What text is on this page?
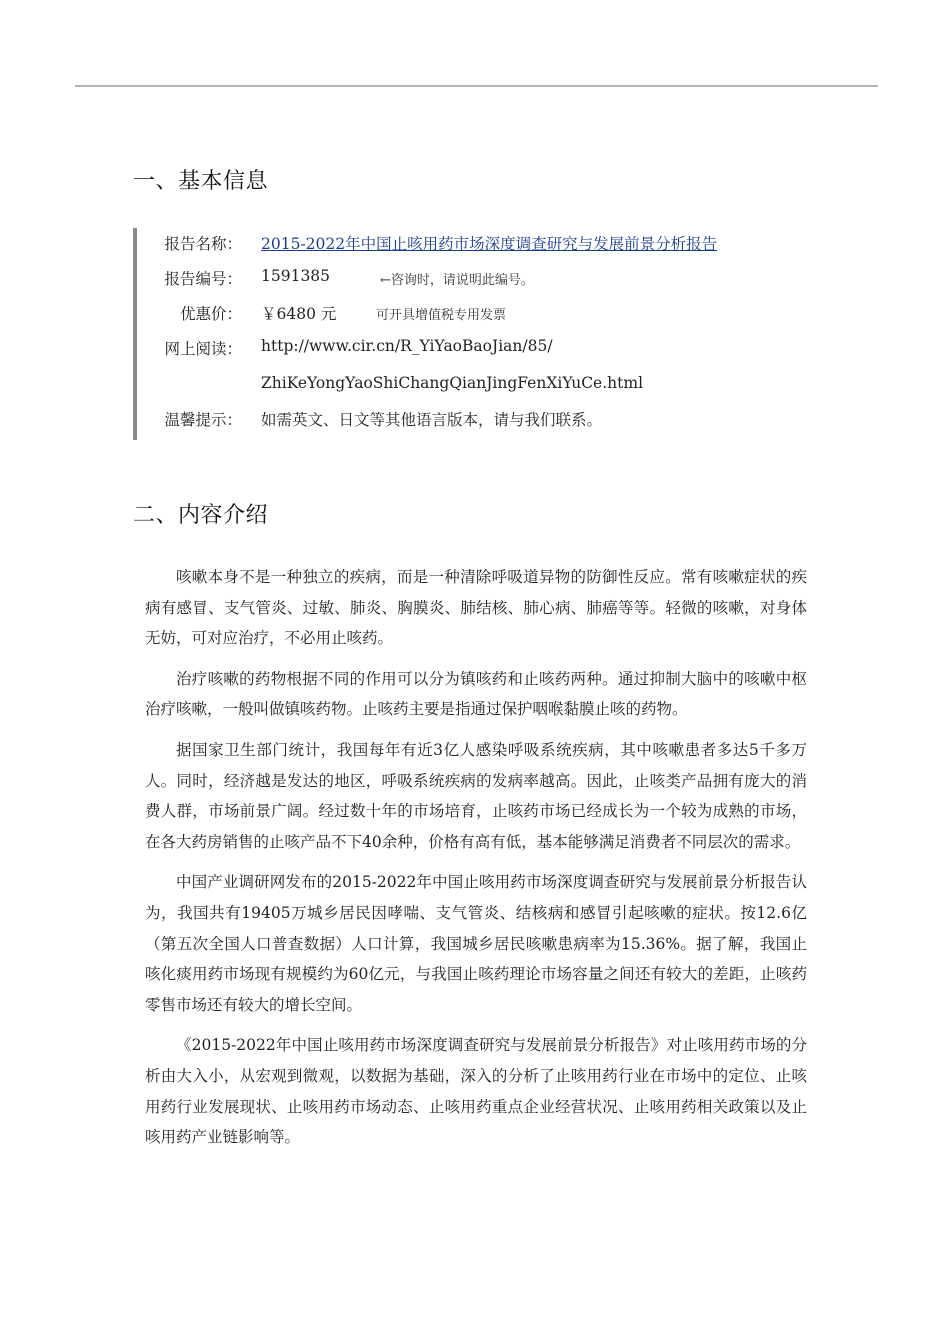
一、基本信息
报告名称： 2015-2022年中国止咳用药市场深度调查研究与发展前景分析报告
报告编号： 1591385	←咨询时，请说明此编号。
优惠价： ￥6480 元	可开具增值税专用发票
网上阅读： http://www.cir.cn/R_YiYaoBaoJian/85/
ZhiKeYongYaoShiChangQianJingFenXiYuCe.html
温馨提示： 如需英文、日文等其他语言版本，请与我们联系。
二、内容介绍

咳嗽本身不是一种独立的疾病，而是一种清除呼吸道异物的防御性反应。常有咳嗽症状的疾病有感冒、支气管炎、过敏、肺炎、胸膜炎、肺结核、肺心病、肺癌等等。轻微的咳嗽，对身体无妨，可对应治疗，不必用止咳药。

治疗咳嗽的药物根据不同的作用可以分为镇咳药和止咳药两种。通过抑制大脑中的咳嗽中枢治疗咳嗽，一般叫做镇咳药物。止咳药主要是指通过保护咽喉黏膜止咳的药物。

据国家卫生部门统计，我国每年有近3亿人感染呼吸系统疾病，其中咳嗽患者多达5千多万人。同时，经济越是发达的地区，呼吸系统疾病的发病率越高。因此，止咳类产品拥有庞大的消费人群，市场前景广阔。经过数十年的市场培育，止咳药市场已经成长为一个较为成熟的市场，在各大药房销售的止咳产品不下40余种，价格有高有低，基本能够满足消费者不同层次的需求。

中国产业调研网发布的2015-2022年中国止咳用药市场深度调查研究与发展前景分析报告认为，我国共有19405万城乡居民因哮喘、支气管炎、结核病和感冒引起咳嗽的症状。按12.6亿（第五次全国人口普查数据）人口计算，我国城乡居民咳嗽患病率为15.36%。据了解，我国止咳化痰用药市场现有规模约为60亿元，与我国止咳药理论市场容量之间还有较大的差距，止咳药零售市场还有较大的增长空间。

《2015-2022年中国止咳用药市场深度调查研究与发展前景分析报告》对止咳用药市场的分析由大入小，从宏观到微观，以数据为基础，深入的分析了止咳用药行业在市场中的定位、止咳用药行业发展现状、止咳用药市场动态、止咳用药重点企业经营状况、止咳用药相关政策以及止咳用药产业链影响等。
